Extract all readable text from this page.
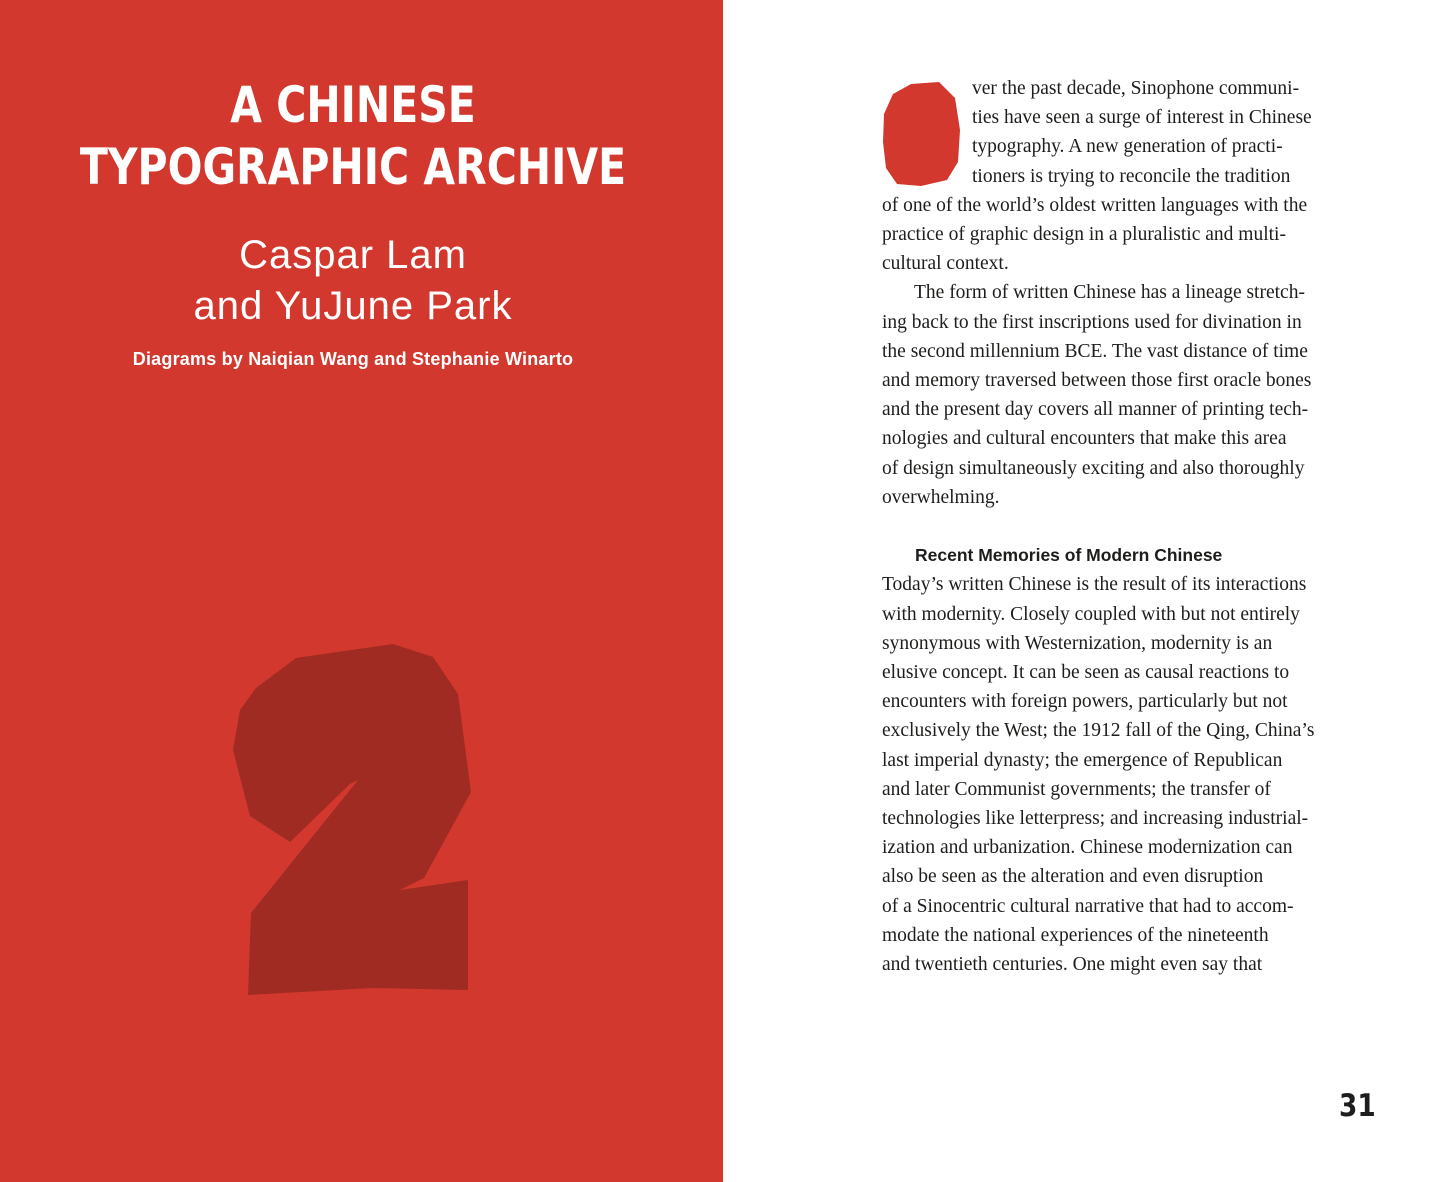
A CHINESE
TYPOGRAPHIC ARCHIVE
Caspar Lam
and YuJune Park
Diagrams by Naiqian Wang and Stephanie Winarto
ver the past decade, Sinophone communi-
ties have seen a surge of interest in Chinese
typography. A new generation of practi-
tioners is trying to reconcile the tradition
of one of the world’s oldest written languages with the
practice of graphic design in a pluralistic and multi-
cultural context.
The form of written Chinese has a lineage stretch-
ing back to the first inscriptions used for divination in
the second millennium BCE. The vast distance of time
and memory traversed between those first oracle bones
and the present day covers all manner of printing tech-
nologies and cultural encounters that make this area
of design simultaneously exciting and also thoroughly
overwhelming.
Recent Memories of Modern Chinese
Today’s written Chinese is the result of its interactions
with modernity. Closely coupled with but not entirely
synonymous with Westernization, modernity is an
elusive concept. It can be seen as causal reactions to
encounters with foreign powers, particularly but not
exclusively the West; the 1912 fall of the Qing, China’s
last imperial dynasty; the emergence of Republican
and later Communist governments; the transfer of
technologies like letterpress; and increasing industrial-
ization and urbanization. Chinese modernization can
also be seen as the alteration and even disruption
of a Sinocentric cultural narrative that had to accom-
modate the national experiences of the nineteenth
and twentieth centuries. One might even say that
31
